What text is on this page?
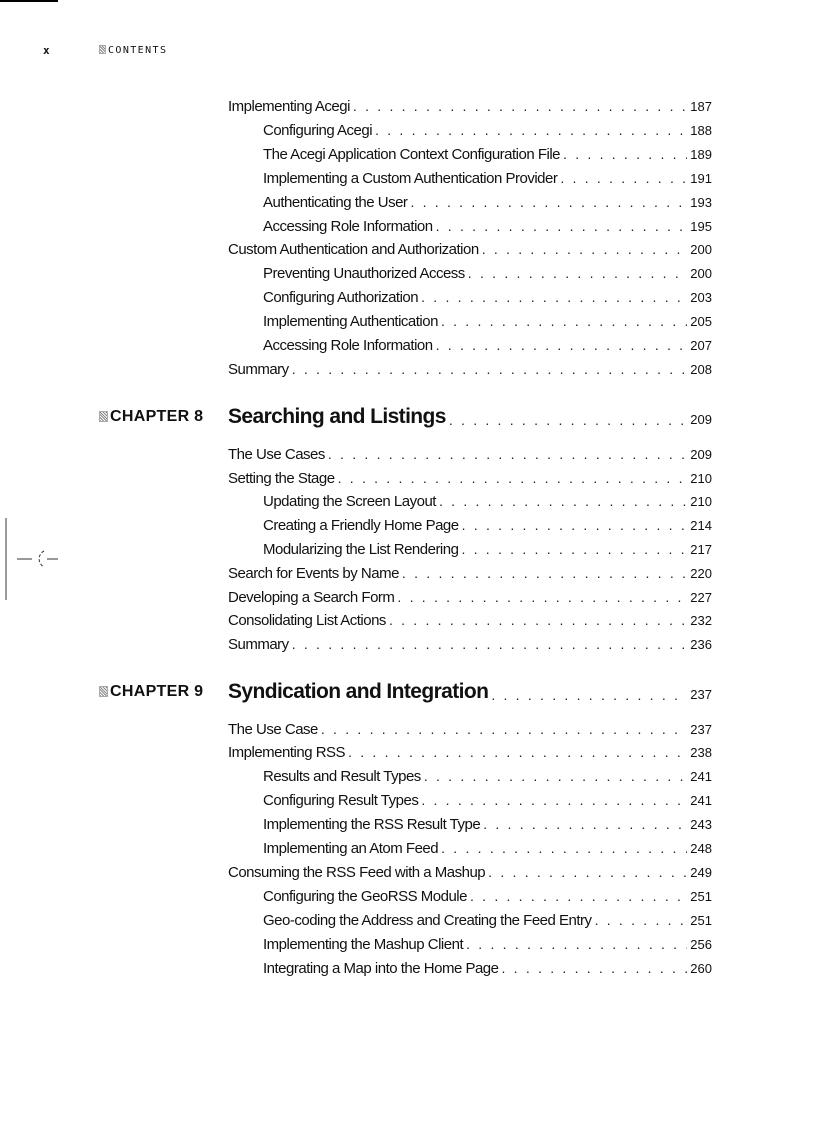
x	CONTENTS
Implementing Acegi . . .	187
Configuring Acegi . . .	188
The Acegi Application Context Configuration File . . .	189
Implementing a Custom Authentication Provider . . .	191
Authenticating the User . . .	193
Accessing Role Information . . .	195
Custom Authentication and Authorization . . .	200
Preventing Unauthorized Access . . .	200
Configuring Authorization . . .	203
Implementing Authentication . . .	205
Accessing Role Information . . .	207
Summary . . .	208
CHAPTER 8 Searching and Listings . . .	209
The Use Cases . . .	209
Setting the Stage . . .	210
Updating the Screen Layout . . .	210
Creating a Friendly Home Page . . .	214
Modularizing the List Rendering . . .	217
Search for Events by Name . . .	220
Developing a Search Form . . .	227
Consolidating List Actions . . .	232
Summary . . .	236
CHAPTER 9 Syndication and Integration . . .	237
The Use Case . . .	237
Implementing RSS . . .	238
Results and Result Types . . .	241
Configuring Result Types . . .	241
Implementing the RSS Result Type . . .	243
Implementing an Atom Feed . . .	248
Consuming the RSS Feed with a Mashup . . .	249
Configuring the GeoRSS Module . . .	251
Geo-coding the Address and Creating the Feed Entry . . .	251
Implementing the Mashup Client . . .	256
Integrating a Map into the Home Page . . .	260
